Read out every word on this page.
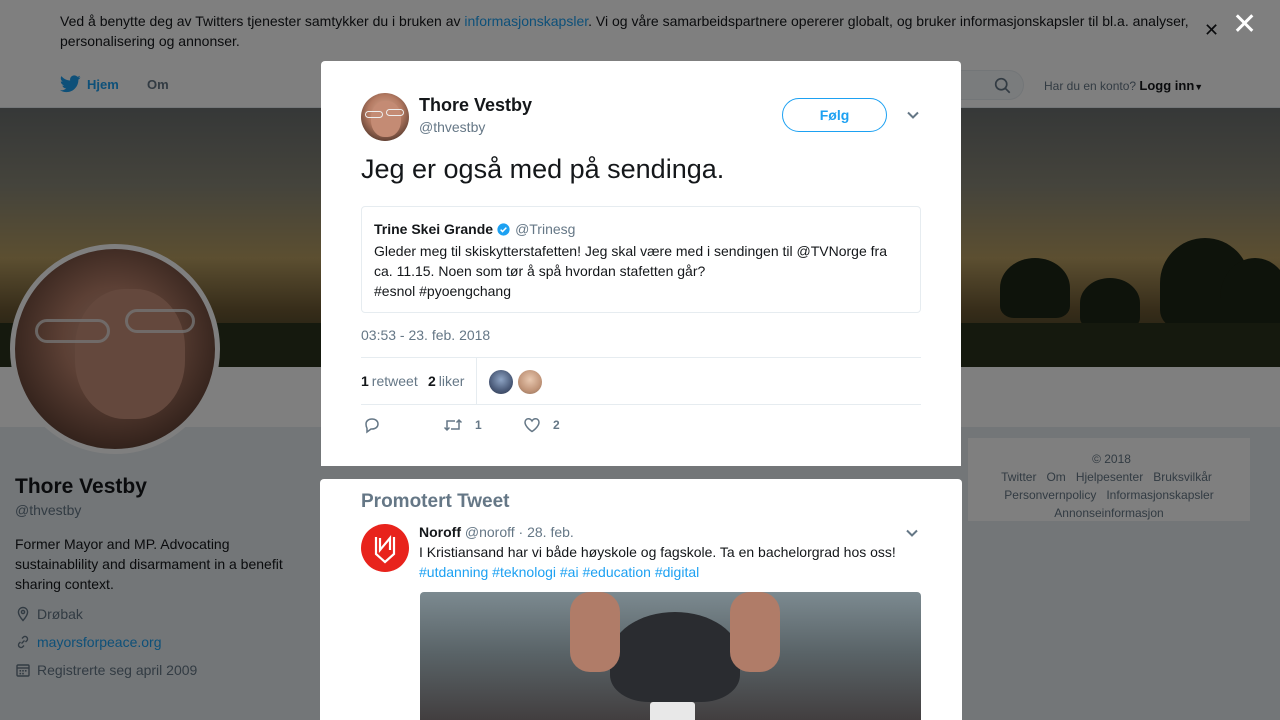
✕
Thore Vestby
@thvestby
Følg
Jeg er også med på sendinga.
Trine Skei Grande @Trinesg
Gleder meg til skiskytterstafetten! Jeg skal være med i sendingen til @TVNorge fra ca. 11.15. Noen som tør å spå hvordan stafetten går?
#esnol #pyoengchang
03:53 - 23. feb. 2018
1 retweet 2 liker
1	2
Promotert Tweet
Noroff @noroff · 28. feb.
I Kristiansand har vi både høyskole og fagskole. Ta en bachelorgrad hos oss!
#utdanning #teknologi #ai #education #digital
